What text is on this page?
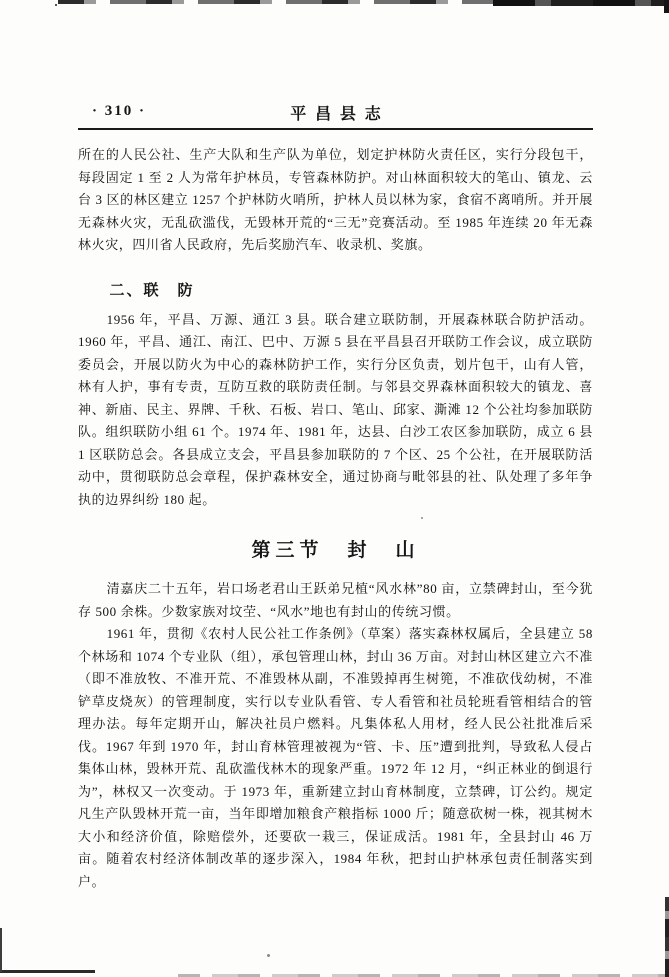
· 310 ·	平昌县志

所在的人民公社、生产大队和生产队为单位，划定护林防火责任区，实行分段包干，每段固定 1 至 2 人为常年护林员，专管森林防护。对山林面积较大的笔山、镇龙、云台 3 区的林区建立 1257 个护林防火哨所，护林人员以林为家，食宿不离哨所。并开展无森林火灾，无乱砍滥伐，无毁林开荒的“三无”竞赛活动。至 1985 年连续 20 年无森林火灾，四川省人民政府，先后奖励汽车、收录机、奖旗。

二、联　防

1956 年，平昌、万源、通江 3 县。联合建立联防制，开展森林联合防护活动。1960 年，平昌、通江、南江、巴中、万源 5 县在平昌县召开联防工作会议，成立联防委员会，开展以防火为中心的森林防护工作，实行分区负责，划片包干，山有人管，林有人护，事有专责，互防互救的联防责任制。与邻县交界森林面积较大的镇龙、喜神、新庙、民主、界牌、千秋、石板、岩口、笔山、邱家、澌滩 12 个公社均参加联防队。组织联防小组 61 个。1974 年、1981 年，达县、白沙工农区参加联防，成立 6 县 1 区联防总会。各县成立支会，平昌县参加联防的 7 个区、25 个公社，在开展联防活动中，贯彻联防总会章程，保护森林安全，通过协商与毗邻县的社、队处理了多年争执的边界纠纷 180 起。

第三节　封　山

清嘉庆二十五年，岩口场老君山王跃弟兄植“风水林”80 亩，立禁碑封山，至今犹存 500 余株。少数家族对坟茔、“风水”地也有封山的传统习惯。

1961 年，贯彻《农村人民公社工作条例》（草案）落实森林权属后，全县建立 58 个林场和 1074 个专业队（组），承包管理山林，封山 36 万亩。对封山林区建立六不准（即不准放牧、不准开荒、不准毁林从副，不准毁掉再生树篼，不准砍伐幼树，不准铲草皮烧灰）的管理制度，实行以专业队看管、专人看管和社员轮班看管相结合的管理办法。每年定期开山，解决社员户燃料。凡集体私人用材，经人民公社批准后采伐。1967 年到 1970 年，封山育林管理被视为“管、卡、压”遭到批判，导致私人侵占集体山林，毁林开荒、乱砍滥伐林木的现象严重。1972 年 12 月，“纠正林业的倒退行为”，林权又一次变动。于 1973 年，重新建立封山育林制度，立禁碑，订公约。规定凡生产队毁林开荒一亩，当年即增加粮食产粮指标 1000 斤；随意砍树一株，视其树木大小和经济价值，除赔偿外，还要砍一栽三，保证成活。1981 年，全县封山 46 万亩。随着农村经济体制改革的逐步深入，1984 年秋，把封山护林承包责任制落实到户。
